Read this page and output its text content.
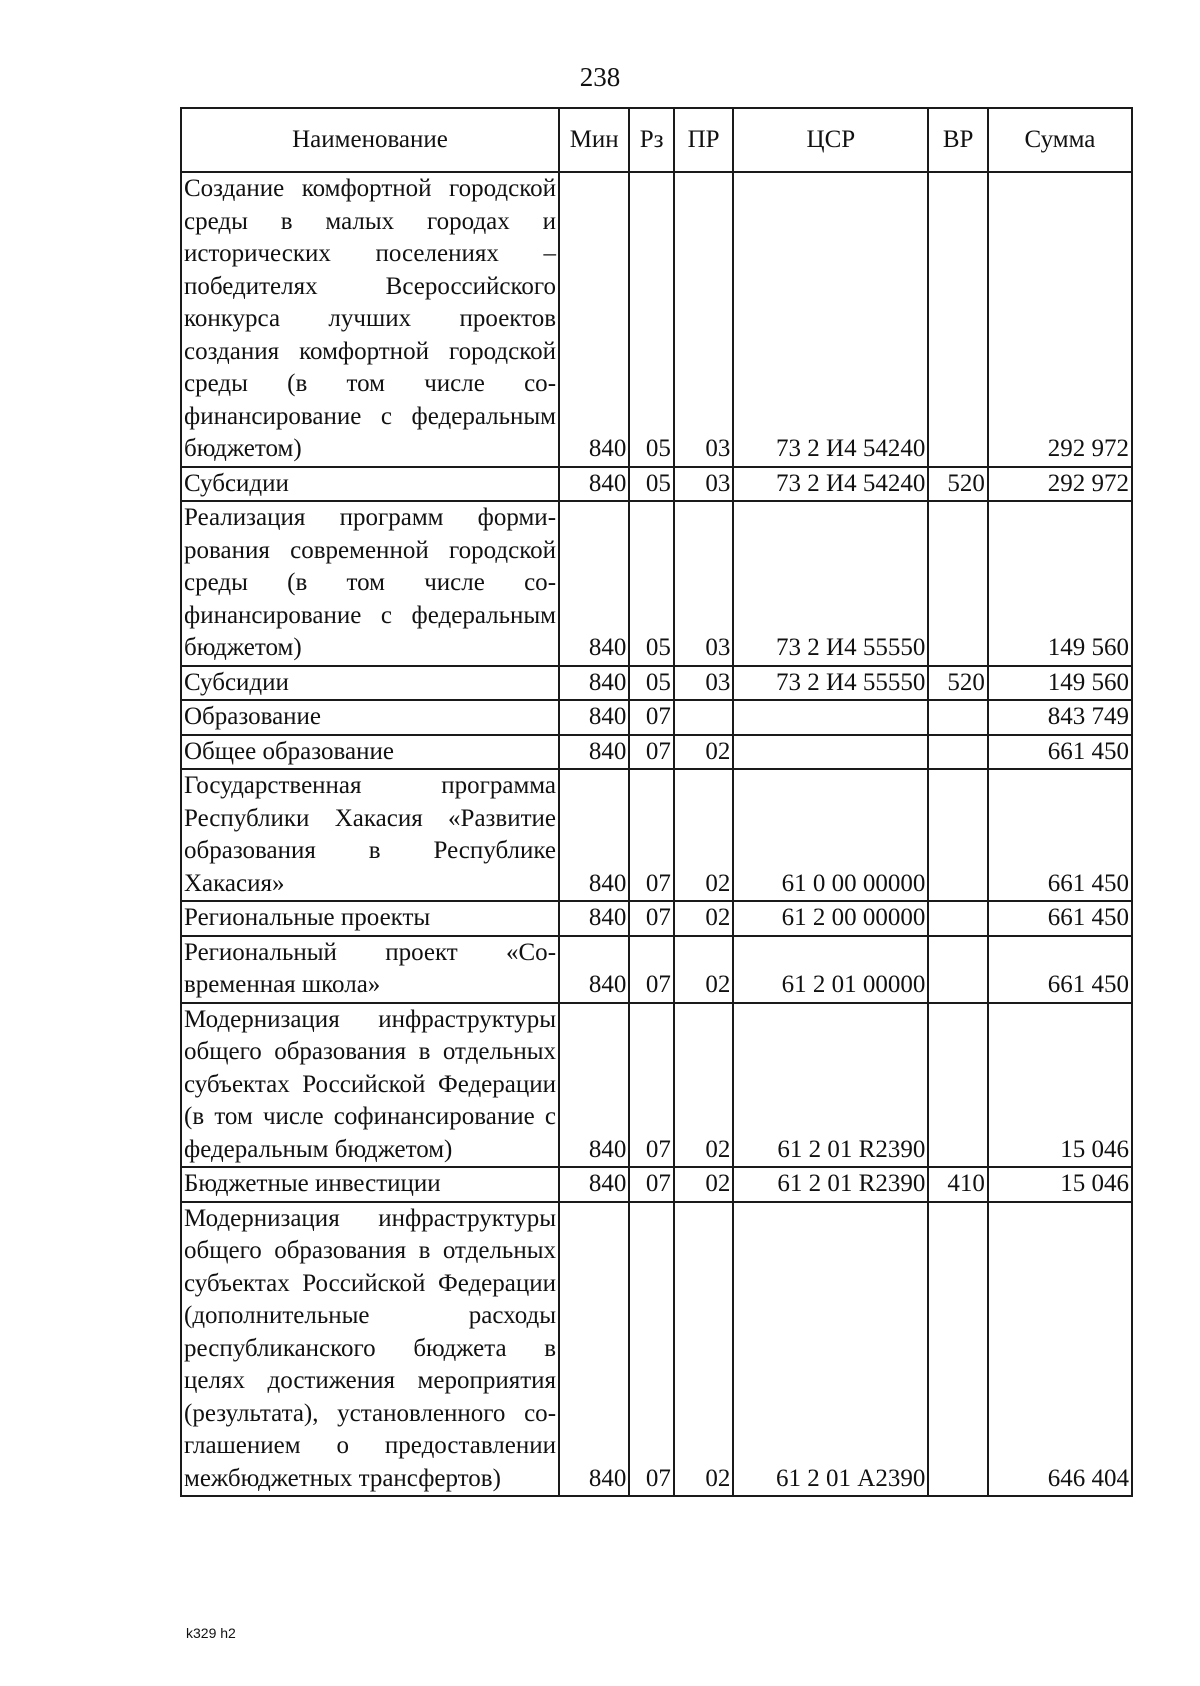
238
Наименование	Мин	Рз	ПР	ЦСР	ВР	Сумма
Создание комфортной городской среды в малых городах и исторических поселениях – победителях Всероссийского конкурса лучших проектов создания комфортной городской среды (в том числе софинансирование с федеральным бюджетом)	840	05	03	73 2 И4 54240		292 972
Субсидии	840	05	03	73 2 И4 54240	520	292 972
Реализация программ формирования современной городской среды (в том числе софинансирование с федеральным бюджетом)	840	05	03	73 2 И4 55550		149 560
Субсидии	840	05	03	73 2 И4 55550	520	149 560
Образование	840	07				843 749
Общее образование	840	07	02			661 450
Государственная программа Республики Хакасия «Развитие образования в Республике Хакасия»	840	07	02	61 0 00 00000		661 450
Региональные проекты	840	07	02	61 2 00 00000		661 450
Региональный проект «Современная школа»	840	07	02	61 2 01 00000		661 450
Модернизация инфраструктуры общего образования в отдельных субъектах Российской Федерации (в том числе софинансирование с федеральным бюджетом)	840	07	02	61 2 01 R2390		15 046
Бюджетные инвестиции	840	07	02	61 2 01 R2390	410	15 046
Модернизация инфраструктуры общего образования в отдельных субъектах Российской Федерации (дополнительные расходы республиканского бюджета в целях достижения мероприятия (результата), установленного соглашением о предоставлении межбюджетных трансфертов)	840	07	02	61 2 01 А2390		646 404
k329 h2
